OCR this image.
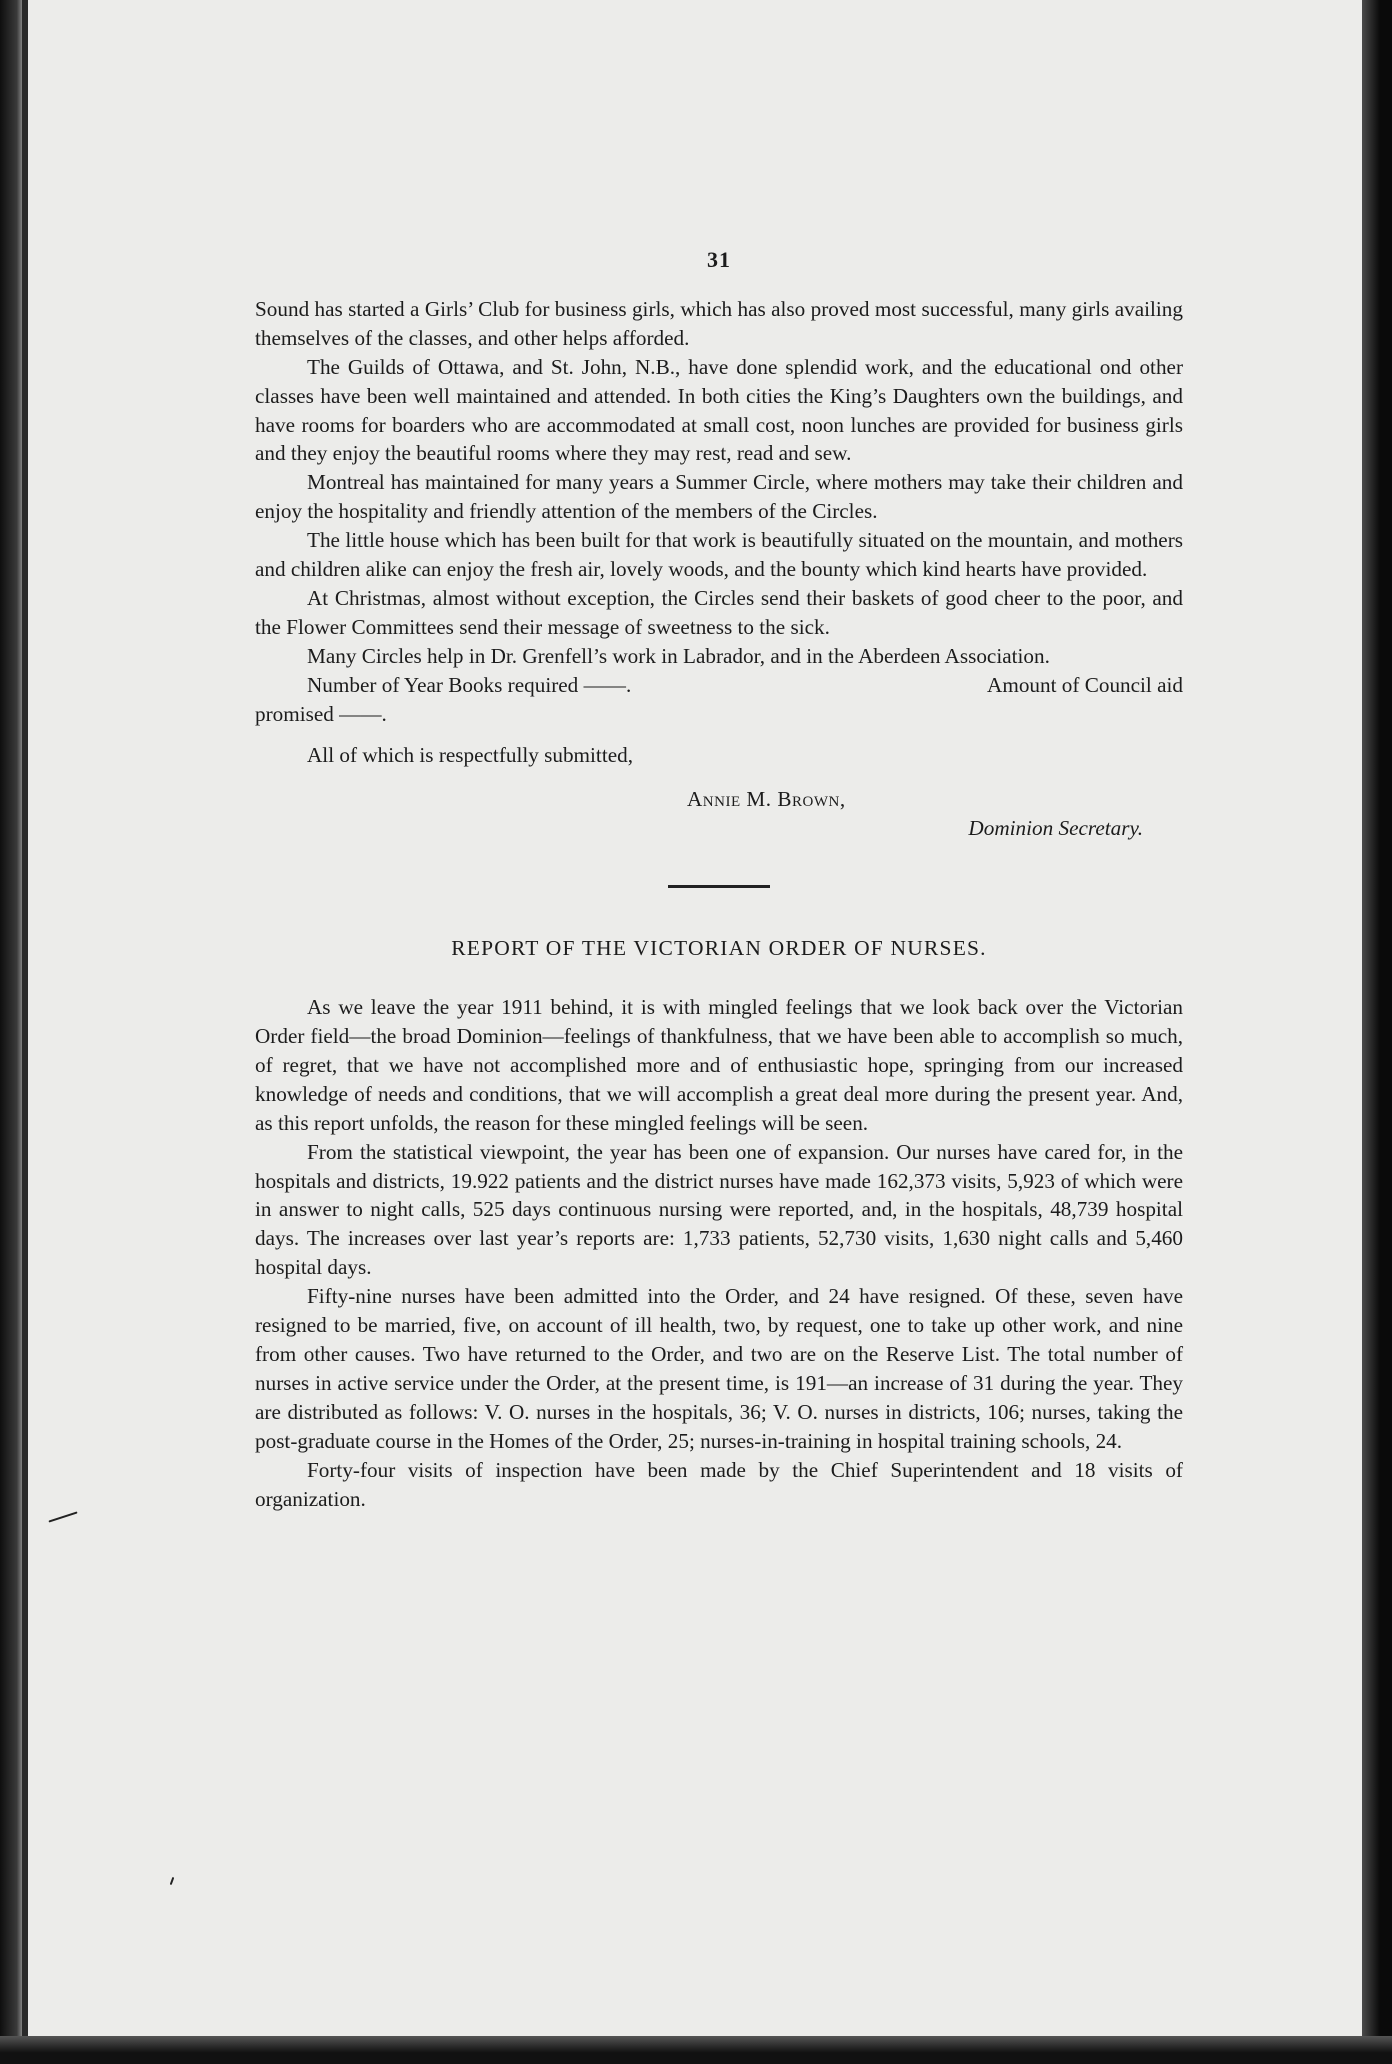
31

Sound has started a Girls’ Club for business girls, which has also proved most successful, many girls availing themselves of the classes, and other helps afforded.

The Guilds of Ottawa, and St. John, N.B., have done splendid work, and the educational ond other classes have been well maintained and attended. In both cities the King’s Daughters own the buildings, and have rooms for boarders who are accommodated at small cost, noon lunches are provided for business girls and they enjoy the beautiful rooms where they may rest, read and sew.

Montreal has maintained for many years a Summer Circle, where mothers may take their children and enjoy the hospitality and friendly attention of the members of the Circles.

The little house which has been built for that work is beautifully situated on the mountain, and mothers and children alike can enjoy the fresh air, lovely woods, and the bounty which kind hearts have provided.

At Christmas, almost without exception, the Circles send their baskets of good cheer to the poor, and the Flower Committees send their message of sweetness to the sick.

Many Circles help in Dr. Grenfell’s work in Labrador, and in the Aberdeen Association.

Number of Year Books required ——.	Amount of Council aid

promised ——.

All of which is respectfully submitted,

Annie M. Brown,
Dominion Secretary.
REPORT OF THE VICTORIAN ORDER OF NURSES.

As we leave the year 1911 behind, it is with mingled feelings that we look back over the Victorian Order field—the broad Dominion—feelings of thankfulness, that we have been able to accomplish so much, of regret, that we have not accomplished more and of enthusiastic hope, springing from our increased knowledge of needs and conditions, that we will accomplish a great deal more during the present year. And, as this report unfolds, the reason for these mingled feelings will be seen.

From the statistical viewpoint, the year has been one of expansion. Our nurses have cared for, in the hospitals and districts, 19.922 patients and the district nurses have made 162,373 visits, 5,923 of which were in answer to night calls, 525 days continuous nursing were reported, and, in the hospitals, 48,739 hospital days. The increases over last year’s reports are: 1,733 patients, 52,730 visits, 1,630 night calls and 5,460 hospital days.

Fifty-nine nurses have been admitted into the Order, and 24 have resigned. Of these, seven have resigned to be married, five, on account of ill health, two, by request, one to take up other work, and nine from other causes. Two have returned to the Order, and two are on the Reserve List. The total number of nurses in active service under the Order, at the present time, is 191—an increase of 31 during the year. They are distributed as follows: V. O. nurses in the hospitals, 36; V. O. nurses in districts, 106; nurses, taking the post-graduate course in the Homes of the Order, 25; nurses-in-training in hospital training schools, 24.

Forty-four visits of inspection have been made by the Chief Superintendent and 18 visits of organization.
